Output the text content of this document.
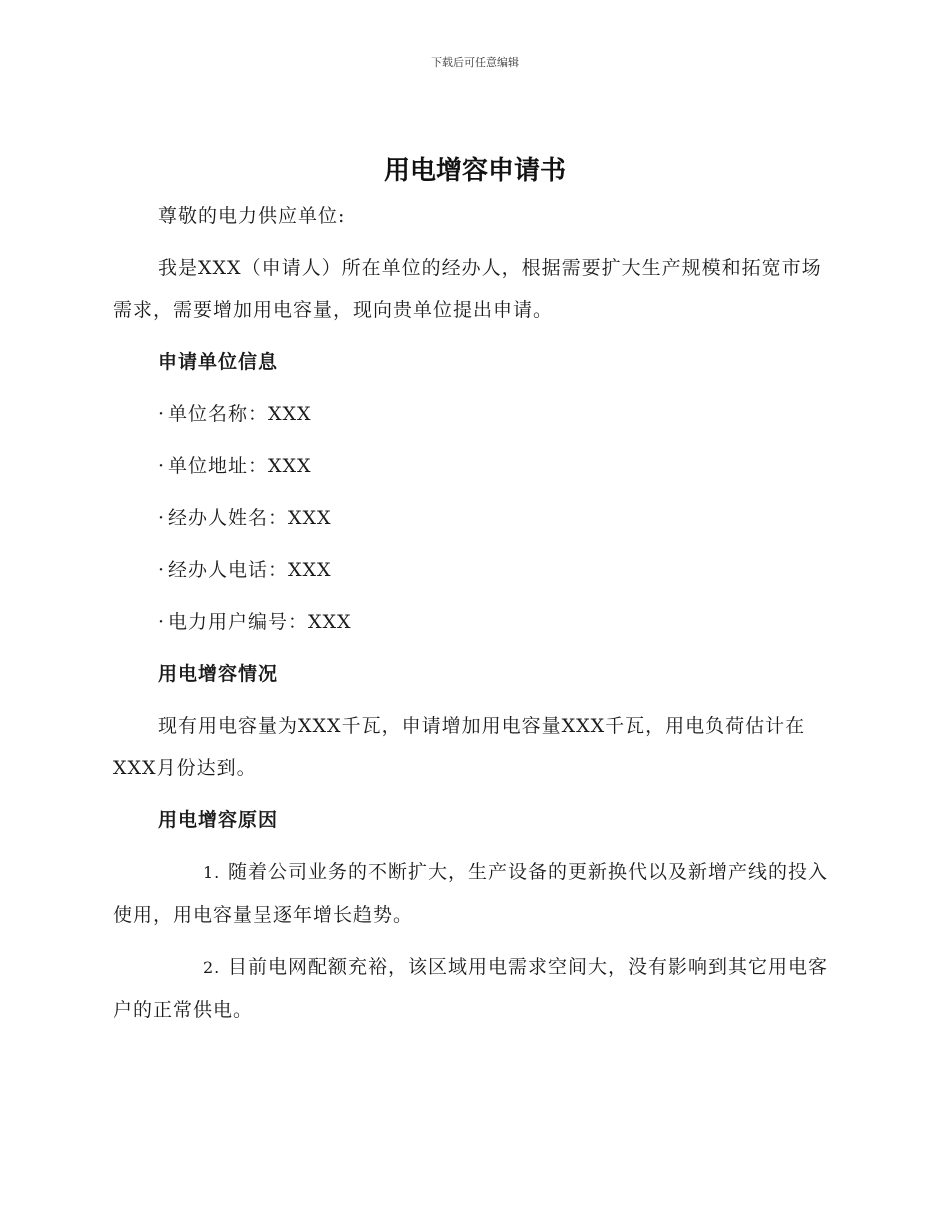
下载后可任意编辑
用电增容申请书

尊敬的电力供应单位:

我是XXX（申请人）所在单位的经办人，根据需要扩大生产规模和拓宽市场需求，需要增加用电容量，现向贵单位提出申请。

申请单位信息

· 单位名称：XXX

· 单位地址：XXX

· 经办人姓名：XXX

· 经办人电话：XXX

· 电力用户编号：XXX

用电增容情况

现有用电容量为XXX千瓦，申请增加用电容量XXX千瓦，用电负荷估计在XXX月份达到。

用电增容原因

1. 随着公司业务的不断扩大，生产设备的更新换代以及新增产线的投入使用，用电容量呈逐年增长趋势。

2. 目前电网配额充裕，该区域用电需求空间大，没有影响到其它用电客户的正常供电。
